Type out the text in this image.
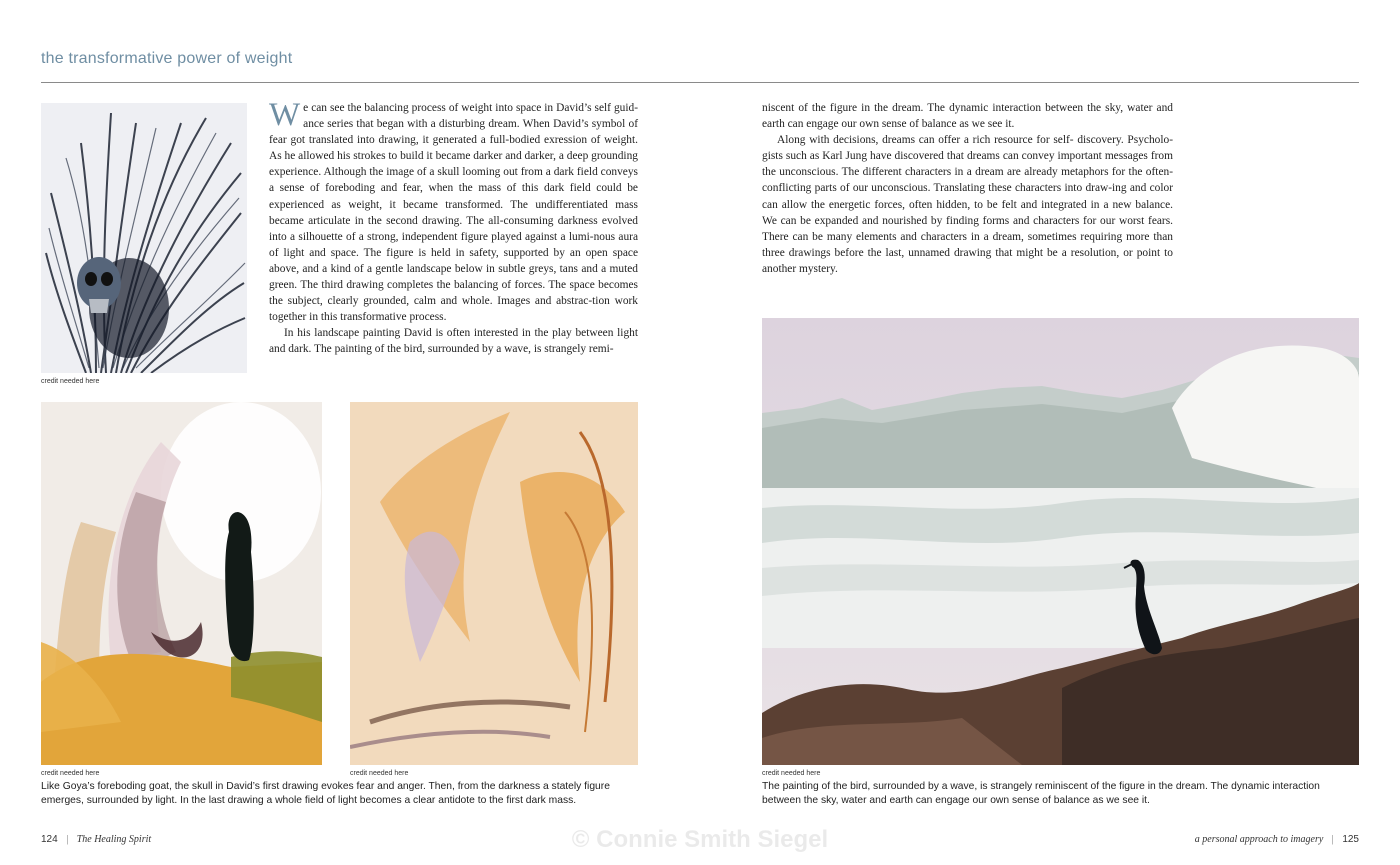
the transformative power of weight
credit needed here

We can see the balancing process of weight into space in David’s self guid-ance series that began with a disturbing dream. When David’s symbol of fear got translated into drawing, it generated a full-bodied exression of weight. As he allowed his strokes to build it became darker and darker, a deep grounding experience. Although the image of a skull looming out from a dark field conveys a sense of foreboding and fear, when the mass of this dark field could be experienced as weight, it became transformed. The undifferentiated mass became articulate in the second drawing. The all-consuming darkness evolved into a silhouette of a strong, independent figure played against a lumi-nous aura of light and space. The figure is held in safety, supported by an open space above, and a kind of a gentle landscape below in subtle greys, tans and a muted green. The third drawing completes the balancing of forces. The space becomes the subject, clearly grounded, calm and whole. Images and abstrac-tion work together in this transformative process.

In his landscape painting David is often interested in the play between light and dark. The painting of the bird, surrounded by a wave, is strangely remi-

credit needed here	credit needed here
Like Goya’s foreboding goat, the skull in David’s first drawing evokes fear and anger. Then, from the darkness a stately figure emerges, surrounded by light. In the last drawing a whole field of light becomes a clear antidote to the first dark mass.

niscent of the figure in the dream. The dynamic interaction between the sky, water and earth can engage our own sense of balance as we see it.

Along with decisions, dreams can offer a rich resource for self- discovery. Psycholo-gists such as Karl Jung have discovered that dreams can convey important messages from the unconscious. The different characters in a dream are already metaphors for the often-conflicting parts of our unconscious. Translating these characters into draw-ing and color can allow the energetic forces, often hidden, to be felt and integrated in a new balance. We can be expanded and nourished by finding forms and characters for our worst fears. There can be many elements and characters in a dream, sometimes requiring more than three drawings before the last, unnamed drawing that might be a resolution, or point to another mystery.

credit needed here
The painting of the bird, surrounded by a wave, is strangely reminiscent of the figure in the dream. The dynamic interaction between the sky, water and earth can engage our own sense of balance as we see it.
124 | The Healing Spirit	a personal approach to imagery | 125
© Connie Smith Siegel
